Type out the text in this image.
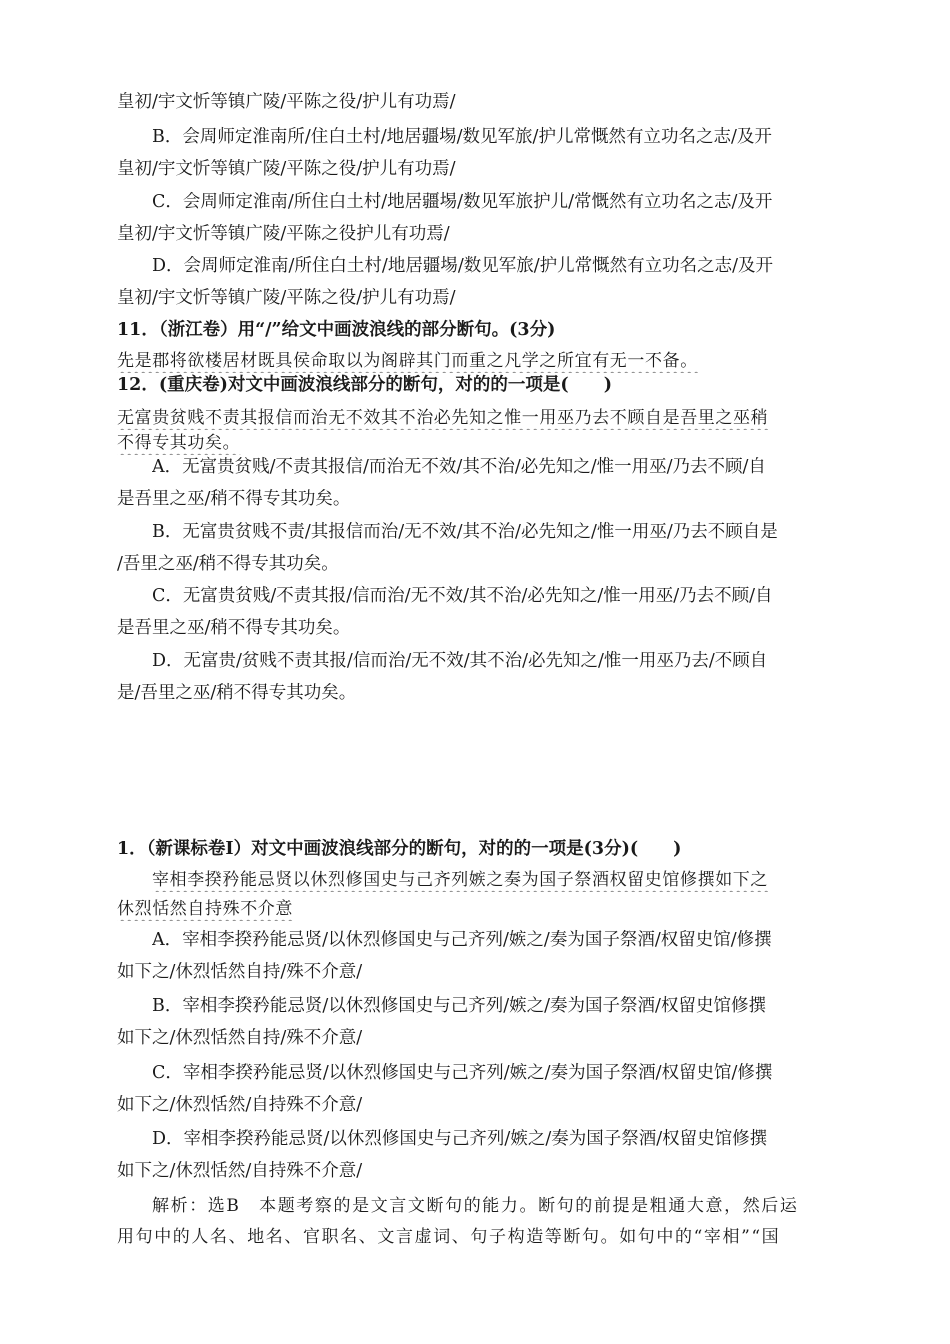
皇初/宇文忻等镇广陵/平陈之役/护儿有功焉/
B．会周师定淮南所/住白土村/地居疆埸/数见军旅/护儿常慨然有立功名之志/及开
皇初/宇文忻等镇广陵/平陈之役/护儿有功焉/
C．会周师定淮南/所住白土村/地居疆埸/数见军旅护儿/常慨然有立功名之志/及开
皇初/宇文忻等镇广陵/平陈之役护儿有功焉/
D．会周师定淮南/所住白土村/地居疆埸/数见军旅/护儿常慨然有立功名之志/及开
皇初/宇文忻等镇广陵/平陈之役/护儿有功焉/
11．（浙江卷）用“/”给文中画波浪线的部分断句。(3分)
先是郡将欲楼居材既具侯命取以为阁辟其门而重之凡学之所宜有无一不备。
12．(重庆卷)对文中画波浪线部分的断句，对的的一项是(　　)
无富贵贫贱不责其报信而治无不效其不治必先知之惟一用巫乃去不顾自是吾里之巫稍
不得专其功矣。
A．无富贵贫贱/不责其报信/而治无不效/其不治/必先知之/惟一用巫/乃去不顾/自
是吾里之巫/稍不得专其功矣。
B．无富贵贫贱不责/其报信而治/无不效/其不治/必先知之/惟一用巫/乃去不顾自是
/吾里之巫/稍不得专其功矣。
C．无富贵贫贱/不责其报/信而治/无不效/其不治/必先知之/惟一用巫/乃去不顾/自
是吾里之巫/稍不得专其功矣。
D．无富贵/贫贱不责其报/信而治/无不效/其不治/必先知之/惟一用巫乃去/不顾自
是/吾里之巫/稍不得专其功矣。
1．（新课标卷Ⅰ）对文中画波浪线部分的断句，对的的一项是(3分)(　　)
宰相李揆矜能忌贤以休烈修国史与己齐列嫉之奏为国子祭酒权留史馆修撰如下之
休烈恬然自持殊不介意
A．宰相李揆矜能忌贤/以休烈修国史与己齐列/嫉之/奏为国子祭酒/权留史馆/修撰
如下之/休烈恬然自持/殊不介意/
B．宰相李揆矜能忌贤/以休烈修国史与己齐列/嫉之/奏为国子祭酒/权留史馆修撰
如下之/休烈恬然自持/殊不介意/
C．宰相李揆矜能忌贤/以休烈修国史与己齐列/嫉之/奏为国子祭酒/权留史馆/修撰
如下之/休烈恬然/自持殊不介意/
D．宰相李揆矜能忌贤/以休烈修国史与己齐列/嫉之/奏为国子祭酒/权留史馆修撰
如下之/休烈恬然/自持殊不介意/
解析：选B　本题考察的是文言文断句的能力。断句的前提是粗通大意，然后运
用句中的人名、地名、官职名、文言虚词、句子构造等断句。如句中的“宰相”“国
